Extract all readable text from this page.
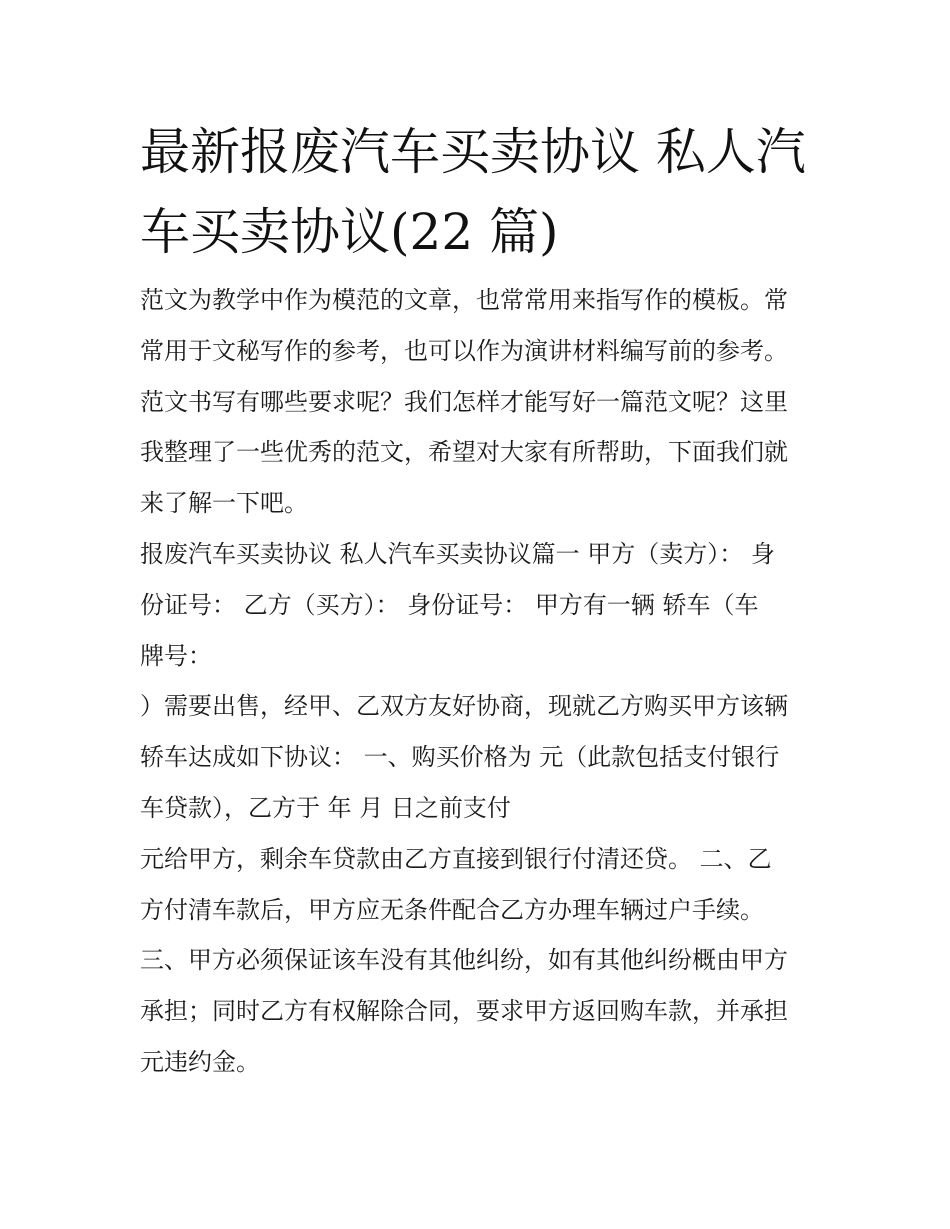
最新报废汽车买卖协议 私人汽车买卖协议(22 篇)
范文为教学中作为模范的文章，也常常用来指写作的模板。常
常用于文秘写作的参考，也可以作为演讲材料编写前的参考。
范文书写有哪些要求呢？我们怎样才能写好一篇范文呢？这里
我整理了一些优秀的范文，希望对大家有所帮助，下面我们就
来了解一下吧。
报废汽车买卖协议 私人汽车买卖协议篇一 甲方（卖方）： 身
份证号： 乙方（买方）： 身份证号： 甲方有一辆 轿车（车
牌号：
）需要出售，经甲、乙双方友好协商，现就乙方购买甲方该辆
轿车达成如下协议： 一、购买价格为 元（此款包括支付银行
车贷款），乙方于 年 月 日之前支付
元给甲方，剩余车贷款由乙方直接到银行付清还贷。 二、乙
方付清车款后，甲方应无条件配合乙方办理车辆过户手续。
三、甲方必须保证该车没有其他纠纷，如有其他纠纷概由甲方
承担；同时乙方有权解除合同，要求甲方返回购车款，并承担
元违约金。
